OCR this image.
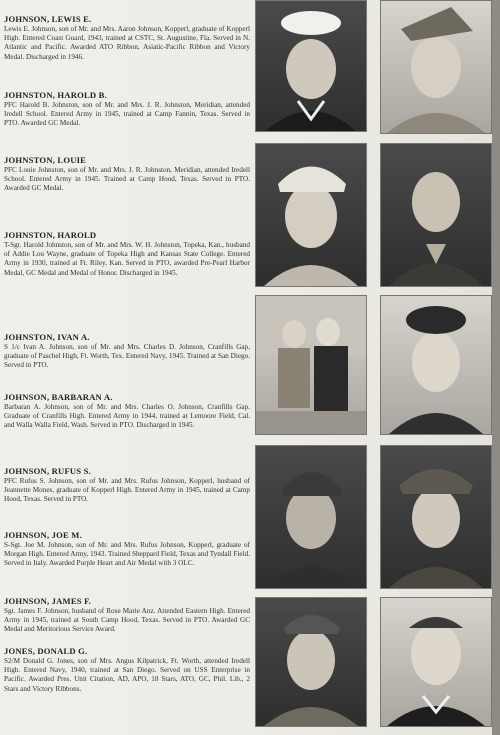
JOHNSON, LEWIS E.

Lewis E. Johnson, son of Mr. and Mrs. Aaron Johnson, Kopperl, graduate of Kopperl High. Entered Coast Guard, 1943, trained at CSTC, St. Augustine, Fla. Served in N. Atlantic and Pacific. Awarded ATO Ribbon, Asiatic-Pacific Ribbon and Victory Medal. Discharged in 1946.

JOHNSTON, HAROLD B.

PFC Harold B. Johnston, son of Mr. and Mrs. J. R. Johnston, Meridian, attended Iredell School. Entered Army in 1945, trained at Camp Fannin, Texas. Served in PTO. Awarded GC Medal.

JOHNSTON, LOUIE

PFC Louie Johnston, son of Mr. and Mrs. J. R. Johnston, Meridian, attended Iredell School. Entered Army in 1945. Trained at Camp Hood, Texas. Served in PTO. Awarded GC Medal.

JOHNSTON, HAROLD

T-Sgt. Harold Johnston, son of Mr. and Mrs. W. H. Johnston, Topeka, Kan., husband of Addie Lou Wayne, graduate of Topeka High and Kansas State College. Entered Army in 1930, trained at Ft. Riley, Kan. Served in PTO, awarded Pre-Pearl Harbor Medal, GC Medal and Medal of Honor. Discharged in 1945.

JOHNSTON, IVAN A.

S 1/c Ivan A. Johnson, son of Mr. and Mrs. Charles D. Johnson, Cranfills Gap, graduate of Paschel High, Ft. Worth, Tex. Entered Navy, 1945. Trained at San Diego. Served in PTO.

JOHNSON, BARBARAN A.

Barbaran A. Johnson, son of Mr. and Mrs. Charles O. Johnson, Cranfills Gap. Graduate of Cranfills High. Entered Army in 1944, trained at Lemoore Field, Cal. and Walla Walla Field, Wash. Served in PTO. Discharged in 1945.

JOHNSON, RUFUS S.

PFC Rufus S. Johnson, son of Mr. and Mrs. Rufus Johnson, Kopperl, husband of Jeannette Mones, graduate of Kopperl High. Entered Army in 1945, trained at Camp Hood, Texas. Served in PTO.

JOHNSON, JOE M.

S-Sgt. Joe M. Johnson, son of Mr. and Mrs. Rufus Johnson, Kopperl, graduate of Morgan High. Entered Army, 1943. Trained Sheppard Field, Texas and Tyndall Field. Served in Italy. Awarded Purple Heart and Air Medal with 3 OLC.

JOHNSON, JAMES F.

Sgt. James F. Johnson, husband of Rose Marie Anz. Attended Eastern High. Entered Army in 1945, trained at South Camp Hood, Texas. Served in PTO. Awarded GC Medal and Meritorious Service Award.

JONES, DONALD G.

S2/M Donald G. Jones, son of Mrs. Angus Kilpatrick, Ft. Worth, attended Iredell High. Entered Navy, 1940, trained at San Diego. Served on USS Enterprise in Pacific. Awarded Pres. Unit Citation, AD, APO, 18 Stars, ATO, GC, Phil. Lib., 2 Stars and Victory Ribbons.
